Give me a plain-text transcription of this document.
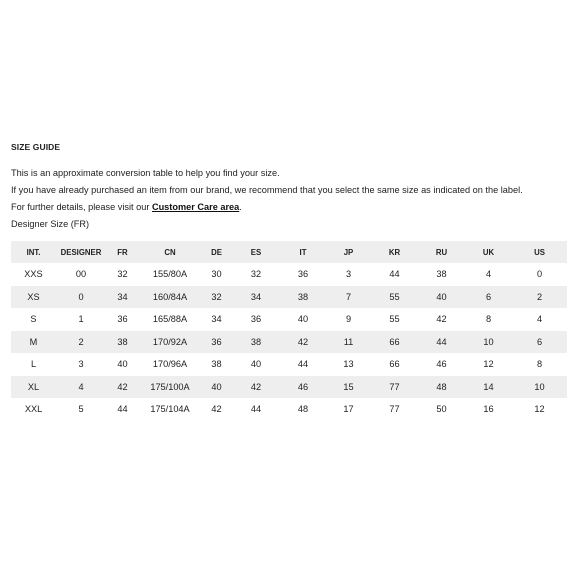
SIZE GUIDE

This is an approximate conversion table to help you find your size.

If you have already purchased an item from our brand, we recommend that you select the same size as indicated on the label.

For further details, please visit our Customer Care area.

Designer Size (FR)
INT.	DESIGNER	FR	CN	DE	ES	IT	JP	KR	RU	UK	US
XXS	00	32	155/80A	30	32	36	3	44	38	4	0
XS	0	34	160/84A	32	34	38	7	55	40	6	2
S	1	36	165/88A	34	36	40	9	55	42	8	4
M	2	38	170/92A	36	38	42	11	66	44	10	6
L	3	40	170/96A	38	40	44	13	66	46	12	8
XL	4	42	175/100A	40	42	46	15	77	48	14	10
XXL	5	44	175/104A	42	44	48	17	77	50	16	12
